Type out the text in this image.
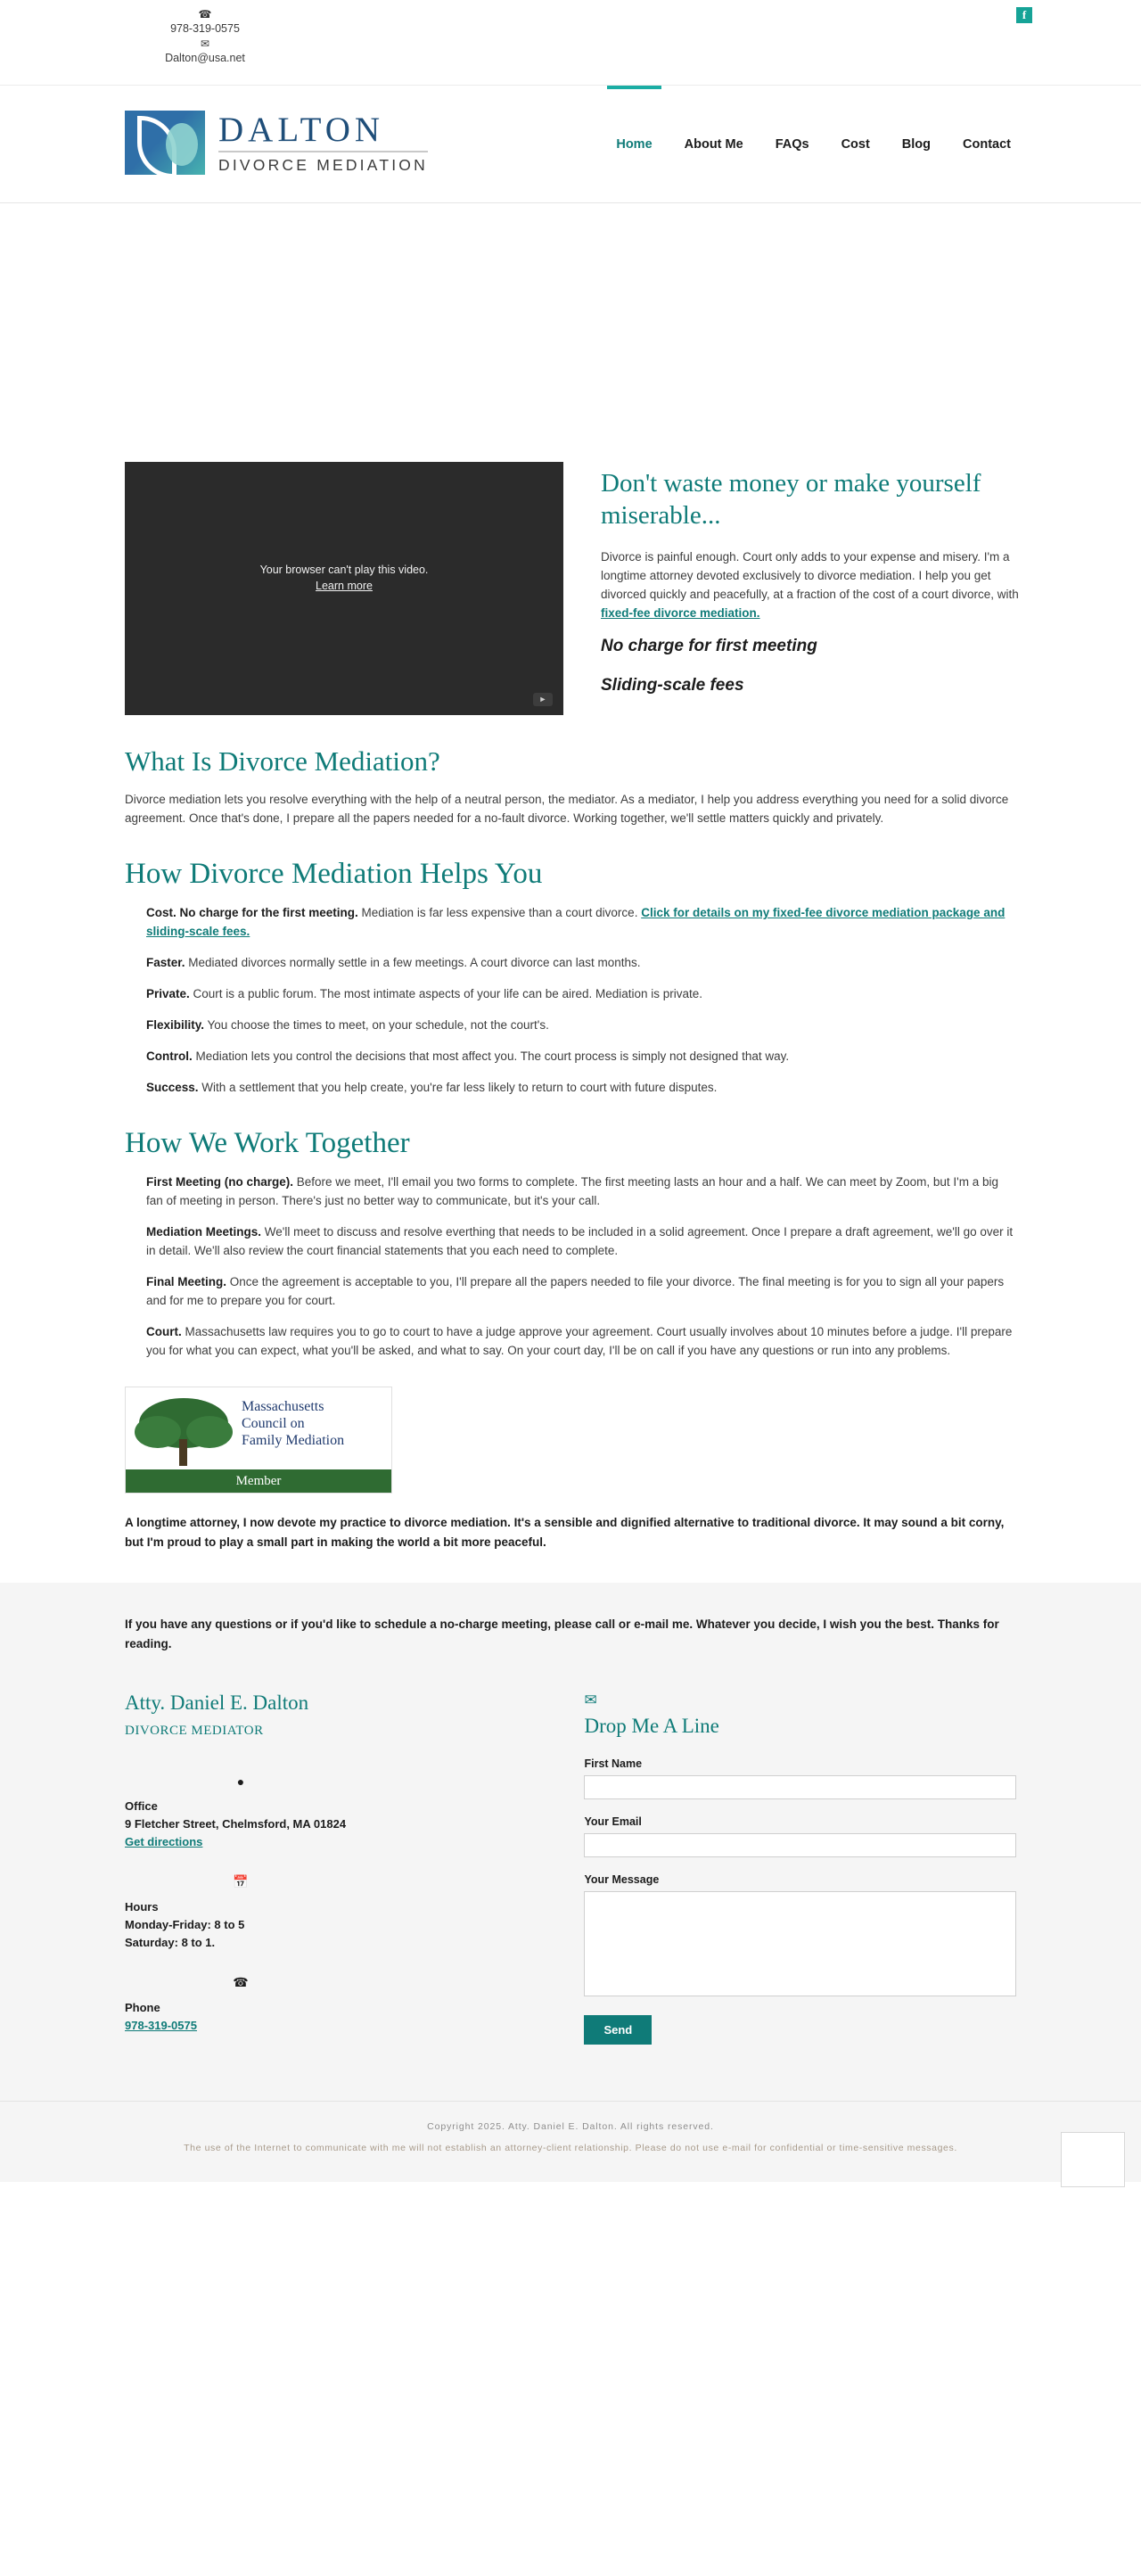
☎
978-319-0575
✉
Dalton@usa.net
f
DALTON
DIVORCE MEDIATION
Home	About Me	FAQs	Cost	Blog	Contact
Your browser can't play this video.
Learn more
►
Don't waste money or make yourself miserable...

Divorce is painful enough. Court only adds to your expense and misery. I'm a longtime attorney devoted exclusively to divorce mediation. I help you get divorced quickly and peacefully, at a fraction of the cost of a court divorce, with fixed-fee divorce mediation.

No charge for first meeting

Sliding-scale fees

What Is Divorce Mediation?

Divorce mediation lets you resolve everything with the help of a neutral person, the mediator. As a mediator, I help you address everything you need for a solid divorce agreement. Once that's done, I prepare all the papers needed for a no-fault divorce. Working together, we'll settle matters quickly and privately.

How Divorce Mediation Helps You
Cost. No charge for the first meeting. Mediation is far less expensive than a court divorce. Click for details on my fixed-fee divorce mediation package and sliding-scale fees.
Faster. Mediated divorces normally settle in a few meetings. A court divorce can last months.
Private. Court is a public forum. The most intimate aspects of your life can be aired. Mediation is private.
Flexibility. You choose the times to meet, on your schedule, not the court's.
Control. Mediation lets you control the decisions that most affect you. The court process is simply not designed that way.
Success. With a settlement that you help create, you're far less likely to return to court with future disputes.
How We Work Together
First Meeting (no charge). Before we meet, I'll email you two forms to complete. The first meeting lasts an hour and a half. We can meet by Zoom, but I'm a big fan of meeting in person. There's just no better way to communicate, but it's your call.
Mediation Meetings. We'll meet to discuss and resolve everthing that needs to be included in a solid agreement. Once I prepare a draft agreement, we'll go over it in detail. We'll also review the court financial statements that you each need to complete.
Final Meeting. Once the agreement is acceptable to you, I'll prepare all the papers needed to file your divorce. The final meeting is for you to sign all your papers and for me to prepare you for court.
Court. Massachusetts law requires you to go to court to have a judge approve your agreement. Court usually involves about 10 minutes before a judge. I'll prepare you for what you can expect, what you'll be asked, and what to say. On your court day, I'll be on call if you have any questions or run into any problems.
Massachusetts
Council on
Family Mediation
Member

A longtime attorney, I now devote my practice to divorce mediation. It's a sensible and dignified alternative to traditional divorce. It may sound a bit corny, but I'm proud to play a small part in making the world a bit more peaceful.

If you have any questions or if you'd like to schedule a no-charge meeting, please call or e-mail me. Whatever you decide, I wish you the best. Thanks for reading.

Atty. Daniel E. Dalton
DIVORCE MEDIATOR
●
Office
9 Fletcher Street, Chelmsford, MA 01824
Get directions
📅
Hours
Monday-Friday: 8 to 5
Saturday: 8 to 1.
☎
Phone
978-319-0575
✉
Drop Me A Line
First Name
Your Email
Your Message
Send
Copyright 2025. Atty. Daniel E. Dalton. All rights reserved.
The use of the Internet to communicate with me will not establish an attorney-client relationship. Please do not use e-mail for confidential or time-sensitive messages.
